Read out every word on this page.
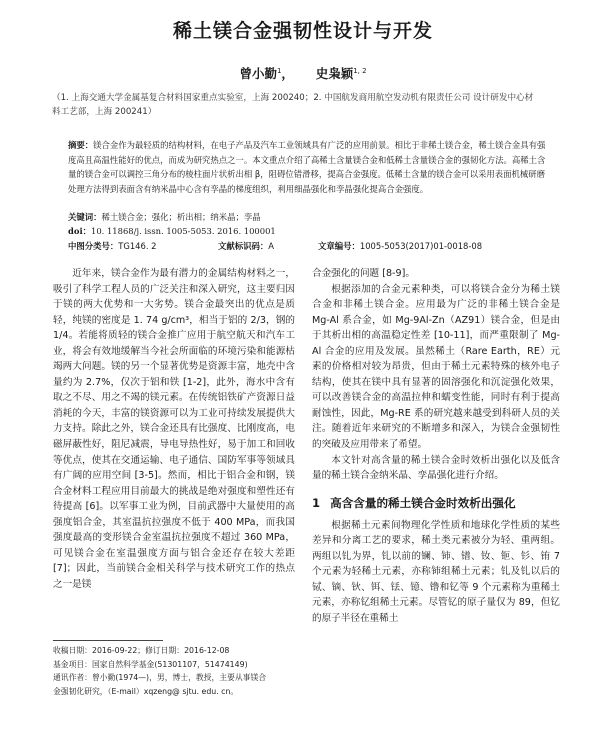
稀土镁合金强韧性设计与开发
曾小勤$^1$，     史枭颖$^{1, 2}$
（1. 上海交通大学金属基复合材料国家重点实验室，上海 200240；2. 中国航发商用航空发动机有限责任公司 设计研发中心材
料工艺部，上海 200241）
摘要：镁合金作为最轻质的结构材料，在电子产品及汽车工业领域具有广泛的应用前景。相比于非稀土镁合金，稀土镁合金具有强度高且高温性能好的优点，而成为研究热点之一。本文重点介绍了高稀土含量镁合金和低稀土含量镁合金的强韧化方法。高稀土含量的镁合金可以调控三角分布的棱柱面片状析出相 β，阻碍位错滑移，提高合金强度。低稀土含量的镁合金可以采用表面机械研磨处理方法得到表面含有纳米晶中心含有孪晶的梯度组织，利用细晶强化和孪晶强化提高合金强度。
关键词：稀土镁合金；强化；析出相；纳米晶；孪晶
doi：10. 11868/j. issn. 1005-5053. 2016. 100001
中图分类号：TG146. 2	文献标识码：A	文章编号：1005-5053(2017)01-0018-08

近年来，镁合金作为最有潜力的金属结构材料之一，吸引了科学工程人员的广泛关注和深入研究，这主要归因于镁的两大优势和一大劣势。镁合金最突出的优点是质轻，纯镁的密度是 1. 74 g/cm³，相当于铝的 2/3，钢的 1/4。若能将质轻的镁合金推广应用于航空航天和汽车工业，将会有效地缓解当今社会所面临的环境污染和能源枯竭两大问题。镁的另一个显著优势是资源丰富，地壳中含量约为 2.7%，仅次于铝和铁 [1-2]，此外，海水中含有取之不尽、用之不竭的镁元素。在传统铝铁矿产资源日益消耗的今天，丰富的镁资源可以为工业可持续发展提供大力支持。除此之外，镁合金还具有比强度、比刚度高，电磁屏蔽性好，阻尼减震，导电导热性好，易于加工和回收等优点，使其在交通运输、电子通信、国防军事等领域具有广阔的应用空间 [3-5]。然而，相比于铝合金和钢，镁合金材料工程应用目前最大的挑战是绝对强度和塑性还有待提高 [6]。以军事工业为例，目前武器中大量使用的高强度铝合金，其室温抗拉强度不低于 400 MPa，而我国强度最高的变形镁合金室温抗拉强度不超过 360 MPa，可见镁合金在室温强度方面与铝合金还存在较大差距 [7]；因此，当前镁合金相关科学与技术研究工作的热点之一是镁

合金强化的问题 [8-9]。

根据添加的合金元素种类，可以将镁合金分为稀土镁合金和非稀土镁合金。应用最为广泛的非稀土镁合金是 Mg-Al 系合金，如 Mg-9Al-Zn（AZ91）镁合金，但是由于其析出相的高温稳定性差 [10-11]，而严重限制了 Mg-Al 合金的应用及发展。虽然稀土（Rare Earth，RE）元素的价格相对较为昂贵，但由于稀土元素特殊的核外电子结构，使其在镁中具有显著的固溶强化和沉淀强化效果，可以改善镁合金的高温拉伸和蠕变性能，同时有利于提高耐蚀性，因此，Mg-RE 系的研究越来越受到科研人员的关注。随着近年来研究的不断增多和深入，为镁合金强韧性的突破及应用带来了希望。

本文针对高含量的稀土镁合金时效析出强化以及低含量的稀土镁合金纳米晶、孪晶强化进行介绍。

1 高含含量的稀土镁合金时效析出强化

根据稀土元素间物理化学性质和地球化学性质的某些差异和分离工艺的要求，稀土类元素被分为轻、重两组。两组以钆为界，钆以前的镧、铈、镨、钕、钷、钐、铕 7 个元素为轻稀土元素，亦称铈组稀土元素；钆及钆以后的铽、镝、钬、铒、铥、镱、镥和钇等 9 个元素称为重稀土元素，亦称钇组稀土元素。尽管钇的原子量仅为 89，但钇的原子半径在重稀土

收稿日期：2016-09-22；修订日期：2016-12-08
基金项目：国家自然科学基金(51301107，51474149)
通讯作者：曾小勤(1974—)，男，博士，教授，主要从事镁合
金强韧化研究，（E-mail）xqzeng@ sjtu. edu. cn。
